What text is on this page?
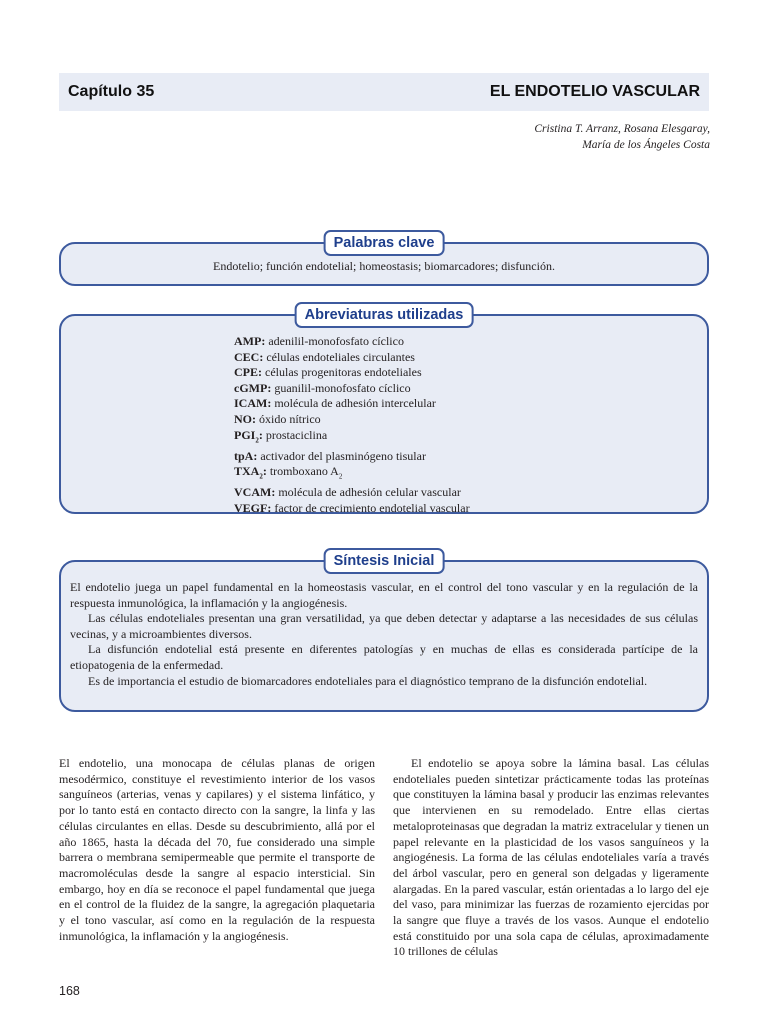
Capítulo 35	EL ENDOTELIO VASCULAR
Cristina T. Arranz, Rosana Elesgaray,
María de los Ángeles Costa
Palabras clave
Endotelio; función endotelial; homeostasis; biomarcadores; disfunción.
Abreviaturas utilizadas
AMP: adenilil-monofosfato cíclico
CEC: células endoteliales circulantes
CPE: células progenitoras endoteliales
cGMP: guanilil-monofosfato cíclico
ICAM: molécula de adhesión intercelular
NO: óxido nítrico
$PGI_2$: prostaciclina
tpA: activador del plasminógeno tisular
$TXA_2$: tromboxano $A_2$
VCAM: molécula de adhesión celular vascular
VEGF: factor de crecimiento endotelial vascular
Síntesis Inicial

El endotelio juega un papel fundamental en la homeostasis vascular, en el control del tono vascular y en la regulación de la respuesta inmunológica, la inflamación y la angiogénesis.

Las células endoteliales presentan una gran versatilidad, ya que deben detectar y adaptarse a las necesidades de sus células vecinas, y a microambientes diversos.

La disfunción endotelial está presente en diferentes patologías y en muchas de ellas es considerada partícipe de la etiopatogenia de la enfermedad.

Es de importancia el estudio de biomarcadores endoteliales para el diagnóstico temprano de la disfunción endotelial.

El endotelio, una monocapa de células planas de origen mesodérmico, constituye el revestimiento interior de los vasos sanguíneos (arterias, venas y capilares) y el sistema linfático, y por lo tanto está en contacto directo con la sangre, la linfa y las células circulantes en ellas. Desde su descubrimiento, allá por el año 1865, hasta la década del 70, fue considerado una simple barrera o membrana semipermeable que permite el transporte de macromoléculas desde la sangre al espacio intersticial. Sin embargo, hoy en día se reconoce el papel fundamental que juega en el control de la fluidez de la sangre, la agregación plaquetaria y el tono vascular, así como en la regulación de la respuesta inmunológica, la inflamación y la angiogénesis.

El endotelio se apoya sobre la lámina basal. Las células endoteliales pueden sintetizar prácticamente todas las proteínas que constituyen la lámina basal y producir las enzimas relevantes que intervienen en su remodelado. Entre ellas ciertas metaloproteinasas que degradan la matriz extracelular y tienen un papel relevante en la plasticidad de los vasos sanguíneos y la angiogénesis. La forma de las células endoteliales varía a través del árbol vascular, pero en general son delgadas y ligeramente alargadas. En la pared vascular, están orientadas a lo largo del eje del vaso, para minimizar las fuerzas de rozamiento ejercidas por la sangre que fluye a través de los vasos. Aunque el endotelio está constituido por una sola capa de células, aproximadamente 10 trillones de células

168
